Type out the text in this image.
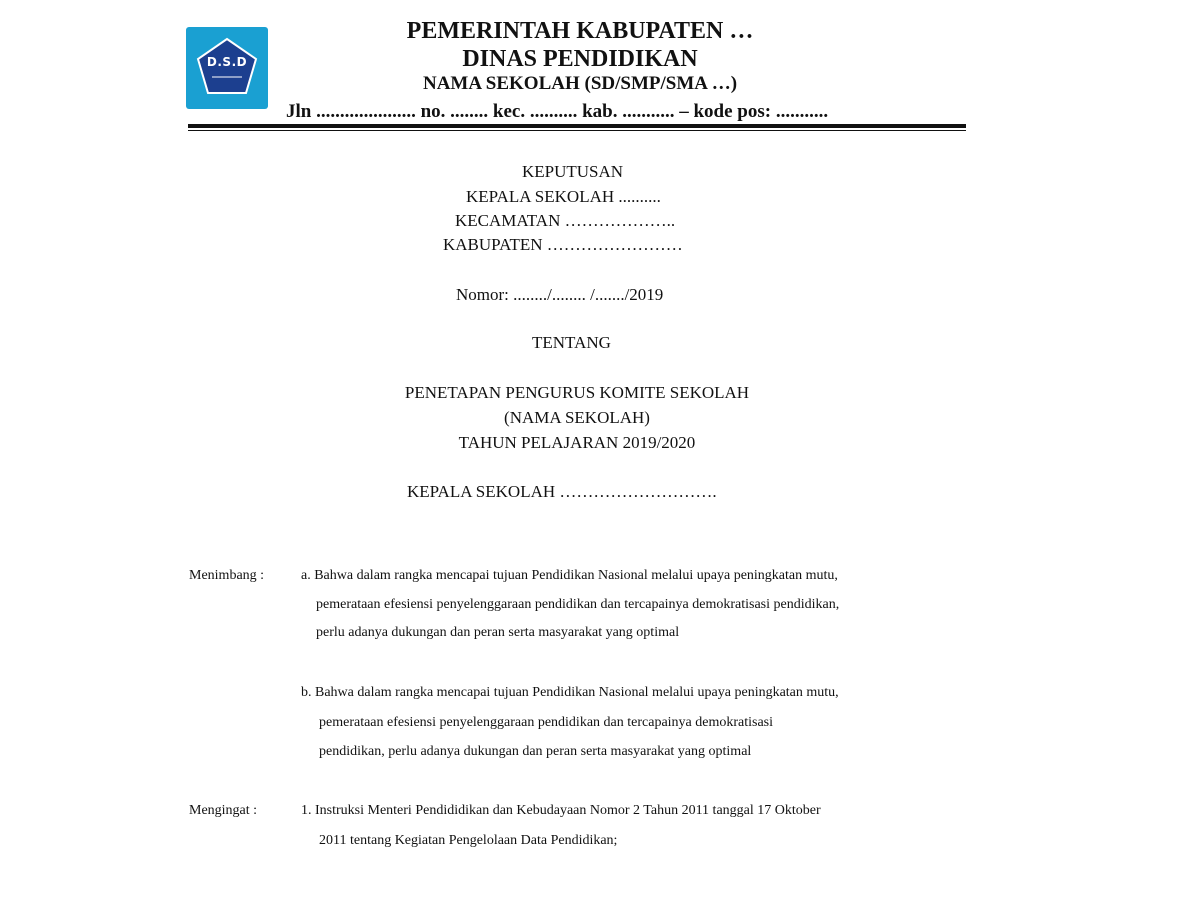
D.S.D
PEMERINTAH KABUPATEN …
DINAS PENDIDIKAN
NAMA SEKOLAH (SD/SMP/SMA …)
Jln ..................... no. ........ kec. .......... kab. ........... – kode pos: ...........
KEPUTUSAN
KEPALA SEKOLAH ..........
KECAMATAN ………………..
KABUPATEN ……………………
Nomor: ......../........ /......./2019
TENTANG
PENETAPAN PENGURUS KOMITE SEKOLAH
(NAMA SEKOLAH)
TAHUN PELAJARAN 2019/2020
KEPALA SEKOLAH ……………………….
Menimbang :	a. Bahwa dalam rangka mencapai tujuan Pendidikan Nasional melalui upaya peningkatan mutu,
pemerataan efesiensi penyelenggaraan pendidikan dan tercapainya demokratisasi pendidikan,
perlu adanya dukungan dan peran serta masyarakat yang optimal
b. Bahwa dalam rangka mencapai tujuan Pendidikan Nasional melalui upaya peningkatan mutu,
pemerataan efesiensi penyelenggaraan pendidikan dan tercapainya demokratisasi
pendidikan, perlu adanya dukungan dan peran serta masyarakat yang optimal
Mengingat :	1. Instruksi Menteri Pendididikan dan Kebudayaan Nomor 2 Tahun 2011 tanggal 17 Oktober
2011 tentang Kegiatan Pengelolaan Data Pendidikan;
